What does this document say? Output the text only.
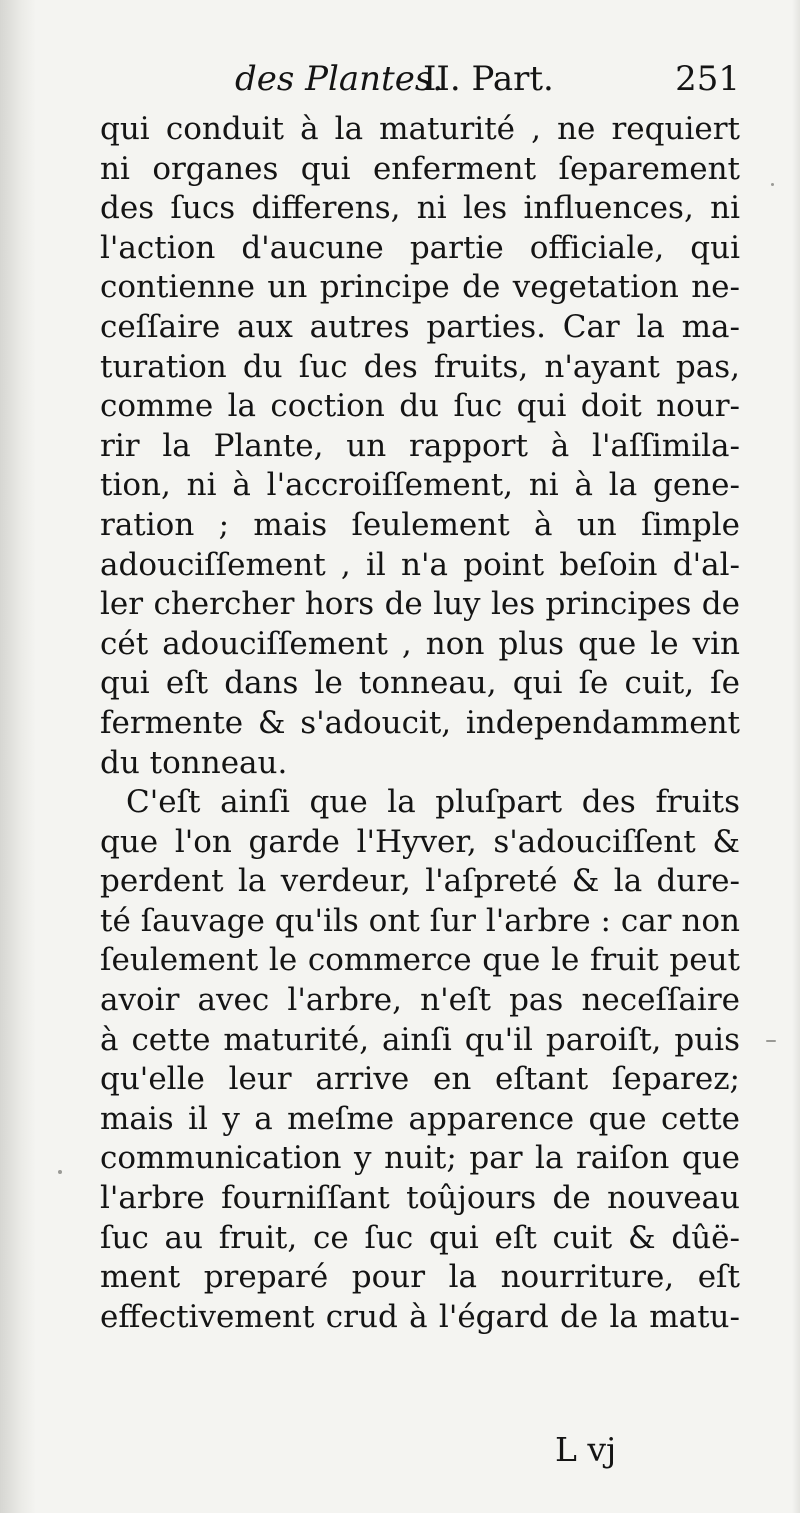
des Plantes.
II. Part.	251
qui conduit à la maturité , ne requiert
ni organes qui enferment ſeparement
des ſucs differens, ni les influences, ni
l'action d'aucune partie officiale, qui
contienne un principe de vegetation ne-
ceſſaire aux autres parties. Car la ma-
turation du ſuc des fruits, n'ayant pas,
comme la coction du ſuc qui doit nour-
rir la Plante, un rapport à l'aſſimila-
tion, ni à l'accroiſſement, ni à la gene-
ration ; mais ſeulement à un ſimple
adouciſſement , il n'a point beſoin d'al-
ler chercher hors de luy les principes de
cét adouciſſement , non plus que le vin
qui eſt dans le tonneau, qui ſe cuit, ſe
fermente & s'adoucit, independamment
du tonneau.
C'eſt ainſi que la pluſpart des fruits
que l'on garde l'Hyver, s'adouciſſent &
perdent la verdeur, l'aſpreté & la dure-
té ſauvage qu'ils ont ſur l'arbre : car non
ſeulement le commerce que le fruit peut
avoir avec l'arbre, n'eſt pas neceſſaire
à cette maturité, ainſi qu'il paroiſt, puis
qu'elle leur arrive en eſtant ſeparez;
mais il y a meſme apparence que cette
communication y nuit; par la raiſon que
l'arbre fourniſſant toûjours de nouveau
ſuc au fruit, ce ſuc qui eſt cuit & dûë-
ment preparé pour la nourriture, eſt
effectivement crud à l'égard de la matu-
L vj
